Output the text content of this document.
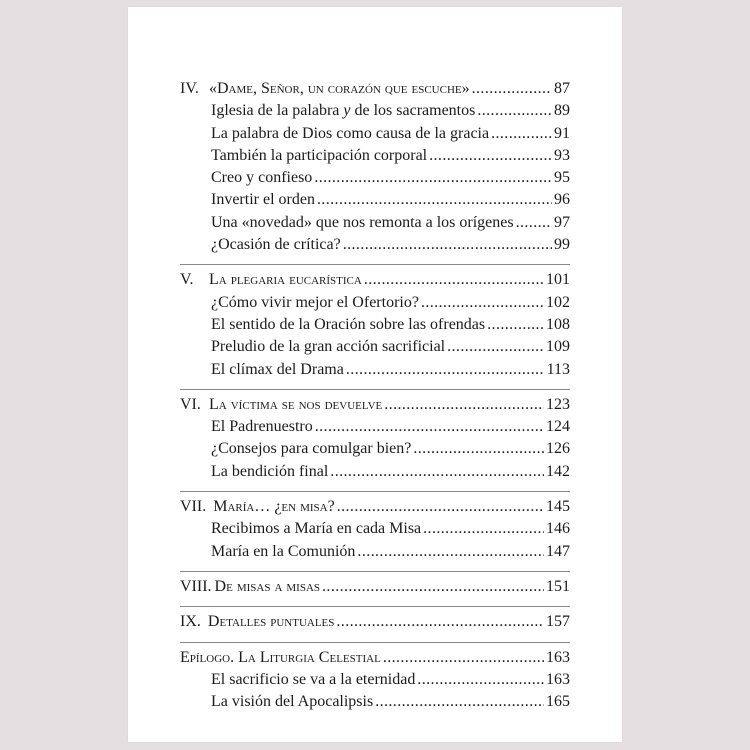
IV. «Dame, Señor, un corazón que escuche» .....	87
Iglesia de la palabra y de los sacramentos .....	89
La palabra de Dios como causa de la gracia .....	91
También la participación corporal .....	93
Creo y confieso .....	95
Invertir el orden .....	96
Una «novedad» que nos remonta a los orígenes .....	97
¿Ocasión de crítica? .....	99
V. La plegaria eucarística .....	101
¿Cómo vivir mejor el Ofertorio? .....	102
El sentido de la Oración sobre las ofrendas .....	108
Preludio de la gran acción sacrificial .....	109
El clímax del Drama .....	113
VI. La víctima se nos devuelve .....	123
El Padrenuestro .....	124
¿Consejos para comulgar bien? .....	126
La bendición final .....	142
VII. María… ¿en misa? .....	145
Recibimos a María en cada Misa .....	146
María en la Comunión .....	147
VIII. De misas a misas .....	151
IX. Detalles puntuales .....	157
Epílogo. La Liturgia Celestial .....	163
El sacrificio se va a la eternidad .....	163
La visión del Apocalipsis .....	165
